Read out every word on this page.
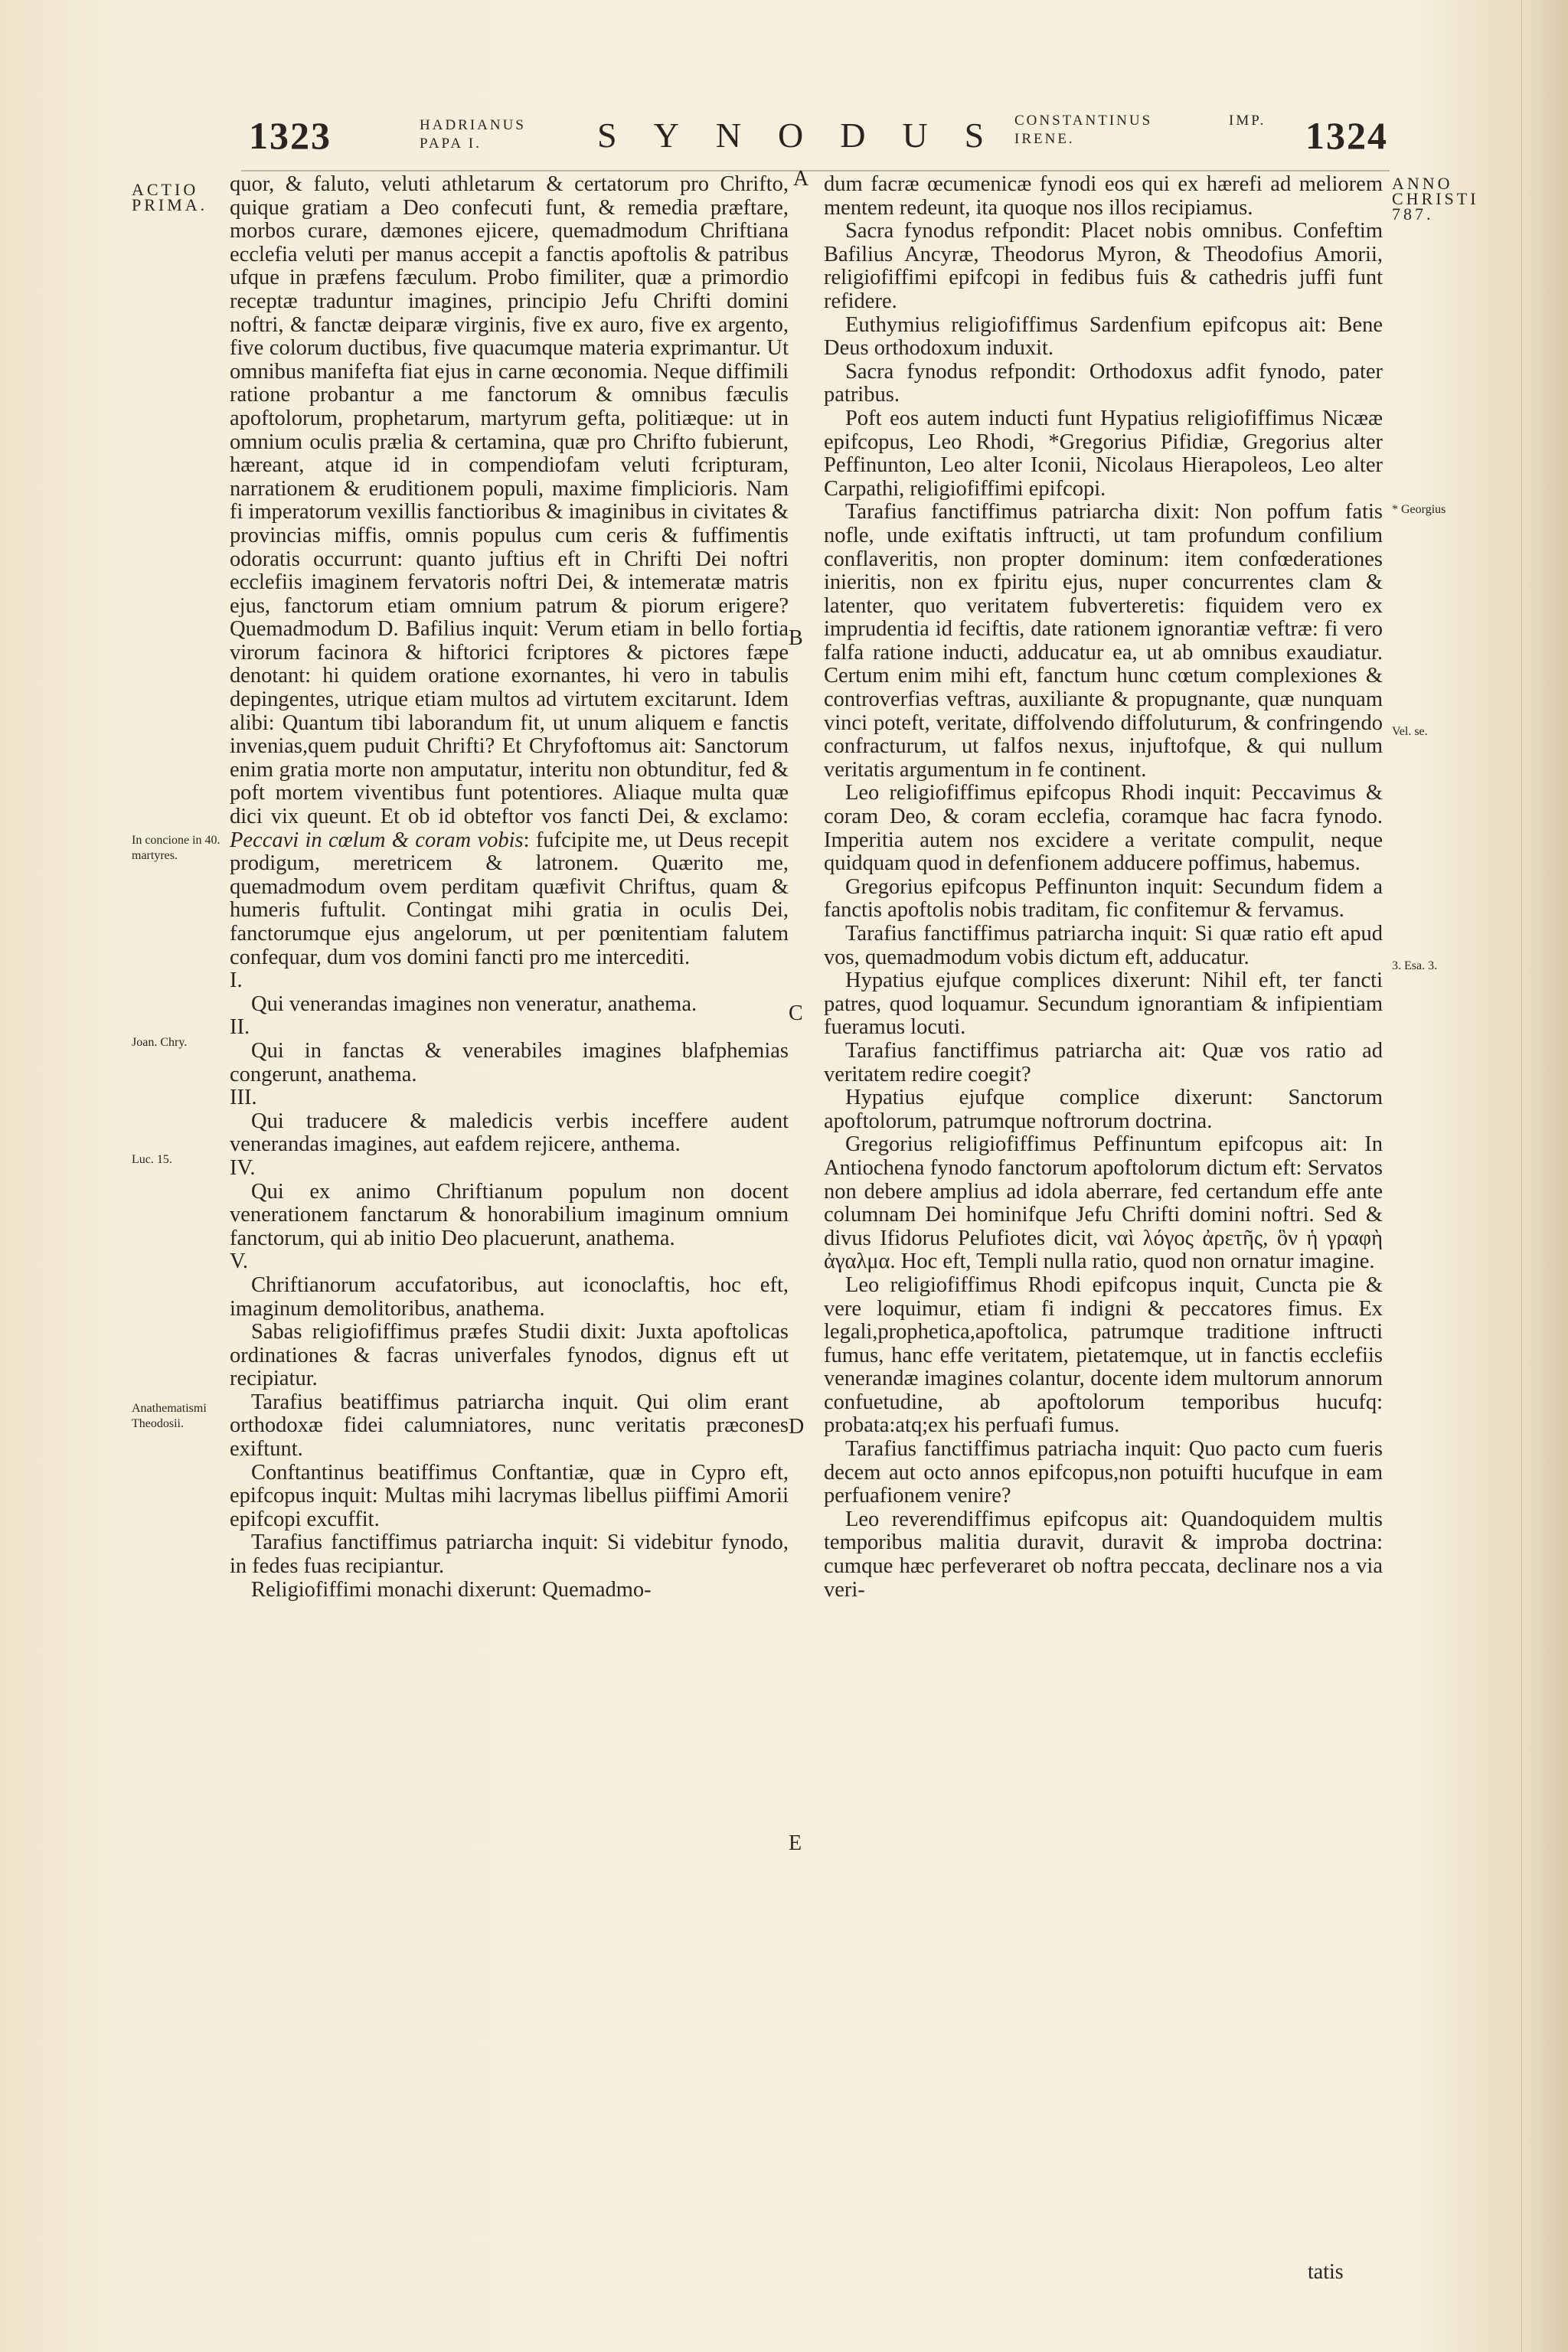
1323	HADRIANUS
PAPA I.	SYNODUS
CONSTANTINUS
IRENE.
IMP. 1324
ACTIO PRIMA.
In concione in 40. martyres.
Joan. Chry.
Luc. 15.
Anathematismi Theodosii.
ANNO CHRISTI 787.
* Georgius
Vel. se.
3. Esa. 3.
A
B
C
D
E

quor, & faluto, veluti athletarum & certatorum pro Chrifto, quique gratiam a Deo confecuti funt, & remedia præftare, morbos curare, dæmones ejicere, quemadmodum Chriftiana ecclefia veluti per manus accepit a fanctis apoftolis & patribus ufque in præfens fæculum. Probo fimiliter, quæ a primordio receptæ traduntur imagines, principio Jefu Chrifti domini noftri, & fanctæ deiparæ virginis, five ex auro, five ex argento, five colorum ductibus, five quacumque materia exprimantur. Ut omnibus manifefta fiat ejus in carne œconomia. Neque diffimili ratione probantur a me fanctorum & omnibus fæculis apoftolorum, prophetarum, martyrum gefta, politiæque: ut in omnium oculis prælia & certamina, quæ pro Chrifto fubierunt, hæreant, atque id in compendiofam veluti fcripturam, narrationem & eruditionem populi, maxime fimplicioris. Nam fi imperatorum vexillis fanctioribus & imaginibus in civitates & provincias miffis, omnis populus cum ceris & fuffimentis odoratis occurrunt: quanto juftius eft in Chrifti Dei noftri ecclefiis imaginem fervatoris noftri Dei, & intemeratæ matris ejus, fanctorum etiam omnium patrum & piorum erigere? Quemadmodum D. Bafilius inquit: Verum etiam in bello fortia virorum facinora & hiftorici fcriptores & pictores fæpe denotant: hi quidem oratione exornantes, hi vero in tabulis depingentes, utrique etiam multos ad virtutem excitarunt. Idem alibi: Quantum tibi laborandum fit, ut unum aliquem e fanctis invenias,quem puduit Chrifti? Et Chryfoftomus ait: Sanctorum enim gratia morte non amputatur, interitu non obtunditur, fed & poft mortem viventibus funt potentiores. Aliaque multa quæ dici vix queunt. Et ob id obteftor vos fancti Dei, & exclamo: Peccavi in cœlum & coram vobis: fufcipite me, ut Deus recepit prodigum, meretricem & latronem. Quærito me, quemadmodum ovem perditam quæfivit Chriftus, quam & humeris fuftulit. Contingat mihi gratia in oculis Dei, fanctorumque ejus angelorum, ut per pœnitentiam falutem confequar, dum vos domini fancti pro me intercediti.

I.

Qui venerandas imagines non veneratur, anathema.

II.

Qui in fanctas & venerabiles imagines blafphemias congerunt, anathema.

III.

Qui traducere & maledicis verbis inceffere audent venerandas imagines, aut eafdem rejicere, anthema.

IV.

Qui ex animo Chriftianum populum non docent venerationem fanctarum & honorabilium imaginum omnium fanctorum, qui ab initio Deo placuerunt, anathema.

V.

Chriftianorum accufatoribus, aut iconoclaftis, hoc eft, imaginum demolitoribus, anathema.

Sabas religiofiffimus præfes Studii dixit: Juxta apoftolicas ordinationes & facras univerfales fynodos, dignus eft ut recipiatur.

Tarafius beatiffimus patriarcha inquit. Qui olim erant orthodoxæ fidei calumniatores, nunc veritatis præcones exiftunt.

Conftantinus beatiffimus Conftantiæ, quæ in Cypro eft, epifcopus inquit: Multas mihi lacrymas libellus piiffimi Amorii epifcopi excuffit.

Tarafius fanctiffimus patriarcha inquit: Si videbitur fynodo, in fedes fuas recipiantur.

Religiofiffimi monachi dixerunt: Quemadmo-

dum facræ œcumenicæ fynodi eos qui ex hærefi ad meliorem mentem redeunt, ita quoque nos illos recipiamus.

Sacra fynodus refpondit: Placet nobis omnibus. Confeftim Bafilius Ancyræ, Theodorus Myron, & Theodofius Amorii, religiofiffimi epifcopi in fedibus fuis & cathedris juffi funt refidere.

Euthymius religiofiffimus Sardenfium epifcopus ait: Bene Deus orthodoxum induxit.

Sacra fynodus refpondit: Orthodoxus adfit fynodo, pater patribus.

Poft eos autem inducti funt Hypatius religiofiffimus Nicææ epifcopus, Leo Rhodi, *Gregorius Pifidiæ, Gregorius alter Peffinunton, Leo alter Iconii, Nicolaus Hierapoleos, Leo alter Carpathi, religiofiffimi epifcopi.

Tarafius fanctiffimus patriarcha dixit: Non poffum fatis nofle, unde exiftatis inftructi, ut tam profundum confilium conflaveritis, non propter dominum: item confœderationes inieritis, non ex fpiritu ejus, nuper concurrentes clam & latenter, quo veritatem fubverteretis: fiquidem vero ex imprudentia id feciftis, date rationem ignorantiæ veftræ: fi vero falfa ratione inducti, adducatur ea, ut ab omnibus exaudiatur. Certum enim mihi eft, fanctum hunc cœtum complexiones & controverfias veftras, auxiliante & propugnante, quæ nunquam vinci poteft, veritate, diffolvendo diffoluturum, & confringendo confracturum, ut falfos nexus, injuftofque, & qui nullum veritatis argumentum in fe continent.

Leo religiofiffimus epifcopus Rhodi inquit: Peccavimus & coram Deo, & coram ecclefia, coramque hac facra fynodo. Imperitia autem nos excidere a veritate compulit, neque quidquam quod in defenfionem adducere poffimus, habemus.

Gregorius epifcopus Peffinunton inquit: Secundum fidem a fanctis apoftolis nobis traditam, fic confitemur & fervamus.

Tarafius fanctiffimus patriarcha inquit: Si quæ ratio eft apud vos, quemadmodum vobis dictum eft, adducatur.

Hypatius ejufque complices dixerunt: Nihil eft, ter fancti patres, quod loquamur. Secundum ignorantiam & infipientiam fueramus locuti.

Tarafius fanctiffimus patriarcha ait: Quæ vos ratio ad veritatem redire coegit?

Hypatius ejufque complice dixerunt: Sanctorum apoftolorum, patrumque noftrorum doctrina.

Gregorius religiofiffimus Peffinuntum epifcopus ait: In Antiochena fynodo fanctorum apoftolorum dictum eft: Servatos non debere amplius ad idola aberrare, fed certandum effe ante columnam Dei hominifque Jefu Chrifti domini noftri. Sed & divus Ifidorus Pelufiotes dicit, ναὶ λόγος ἀρετῆς, ὃν ἡ γραφὴ ἀγαλμα. Hoc eft, Templi nulla ratio, quod non ornatur imagine.

Leo religiofiffimus Rhodi epifcopus inquit, Cuncta pie & vere loquimur, etiam fi indigni & peccatores fimus. Ex legali,prophetica,apoftolica, patrumque traditione inftructi fumus, hanc effe veritatem, pietatemque, ut in fanctis ecclefiis venerandæ imagines colantur, docente idem multorum annorum confuetudine, ab apoftolorum temporibus hucufq: probata:atq;ex his perfuafi fumus.

Tarafius fanctiffimus patriacha inquit: Quo pacto cum fueris decem aut octo annos epifcopus,non potuifti hucufque in eam perfuafionem venire?

Leo reverendiffimus epifcopus ait: Quandoquidem multis temporibus malitia duravit, duravit & improba doctrina: cumque hæc perfeveraret ob noftra peccata, declinare nos a via veri-

tatis
